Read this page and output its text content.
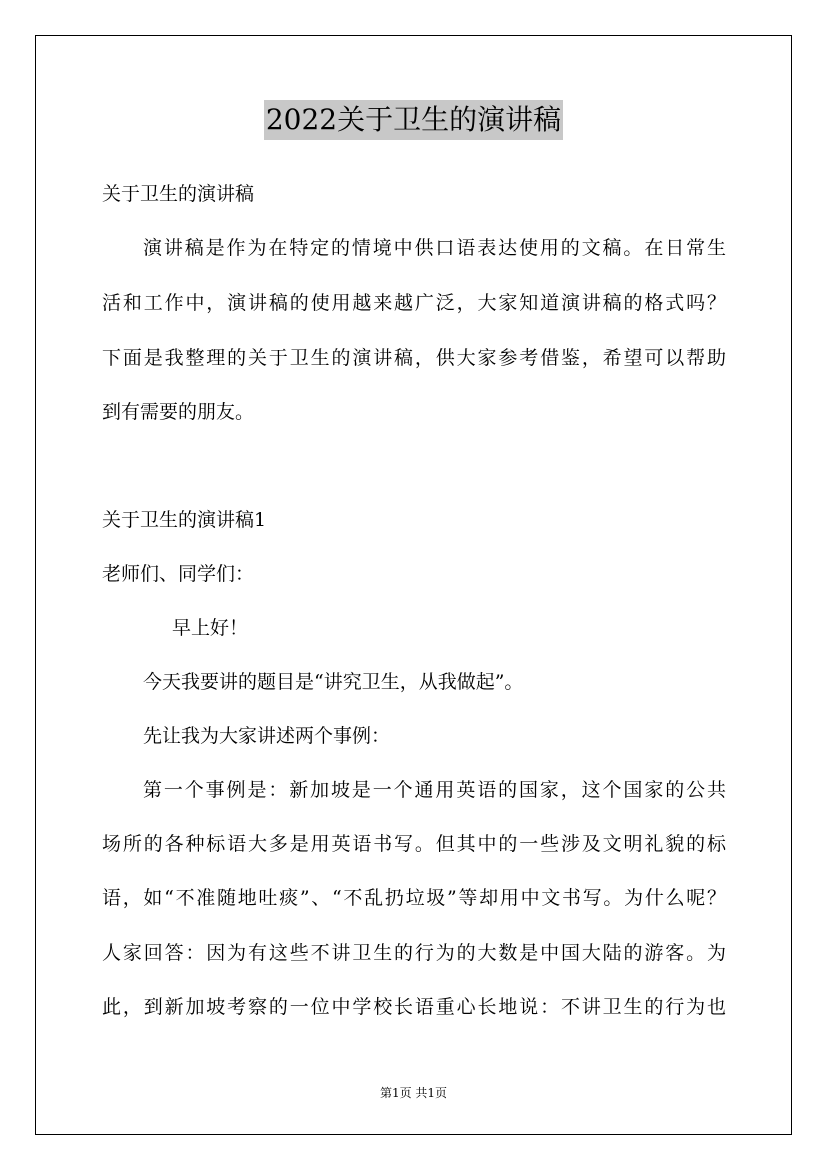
2022关于卫生的演讲稿
关于卫生的演讲稿
演讲稿是作为在特定的情境中供口语表达使用的文稿。在日常生
活和工作中，演讲稿的使用越来越广泛，大家知道演讲稿的格式吗？
下面是我整理的关于卫生的演讲稿，供大家参考借鉴，希望可以帮助
到有需要的朋友。
关于卫生的演讲稿1
老师们、同学们：
早上好！
今天我要讲的题目是“讲究卫生，从我做起”。
先让我为大家讲述两个事例：
第一个事例是：新加坡是一个通用英语的国家，这个国家的公共
场所的各种标语大多是用英语书写。但其中的一些涉及文明礼貌的标
语，如“不准随地吐痰”、“不乱扔垃圾”等却用中文书写。为什么呢？
人家回答：因为有这些不讲卫生的行为的大数是中国大陆的游客。为
此，到新加坡考察的一位中学校长语重心长地说：不讲卫生的行为也
第1页 共1页
